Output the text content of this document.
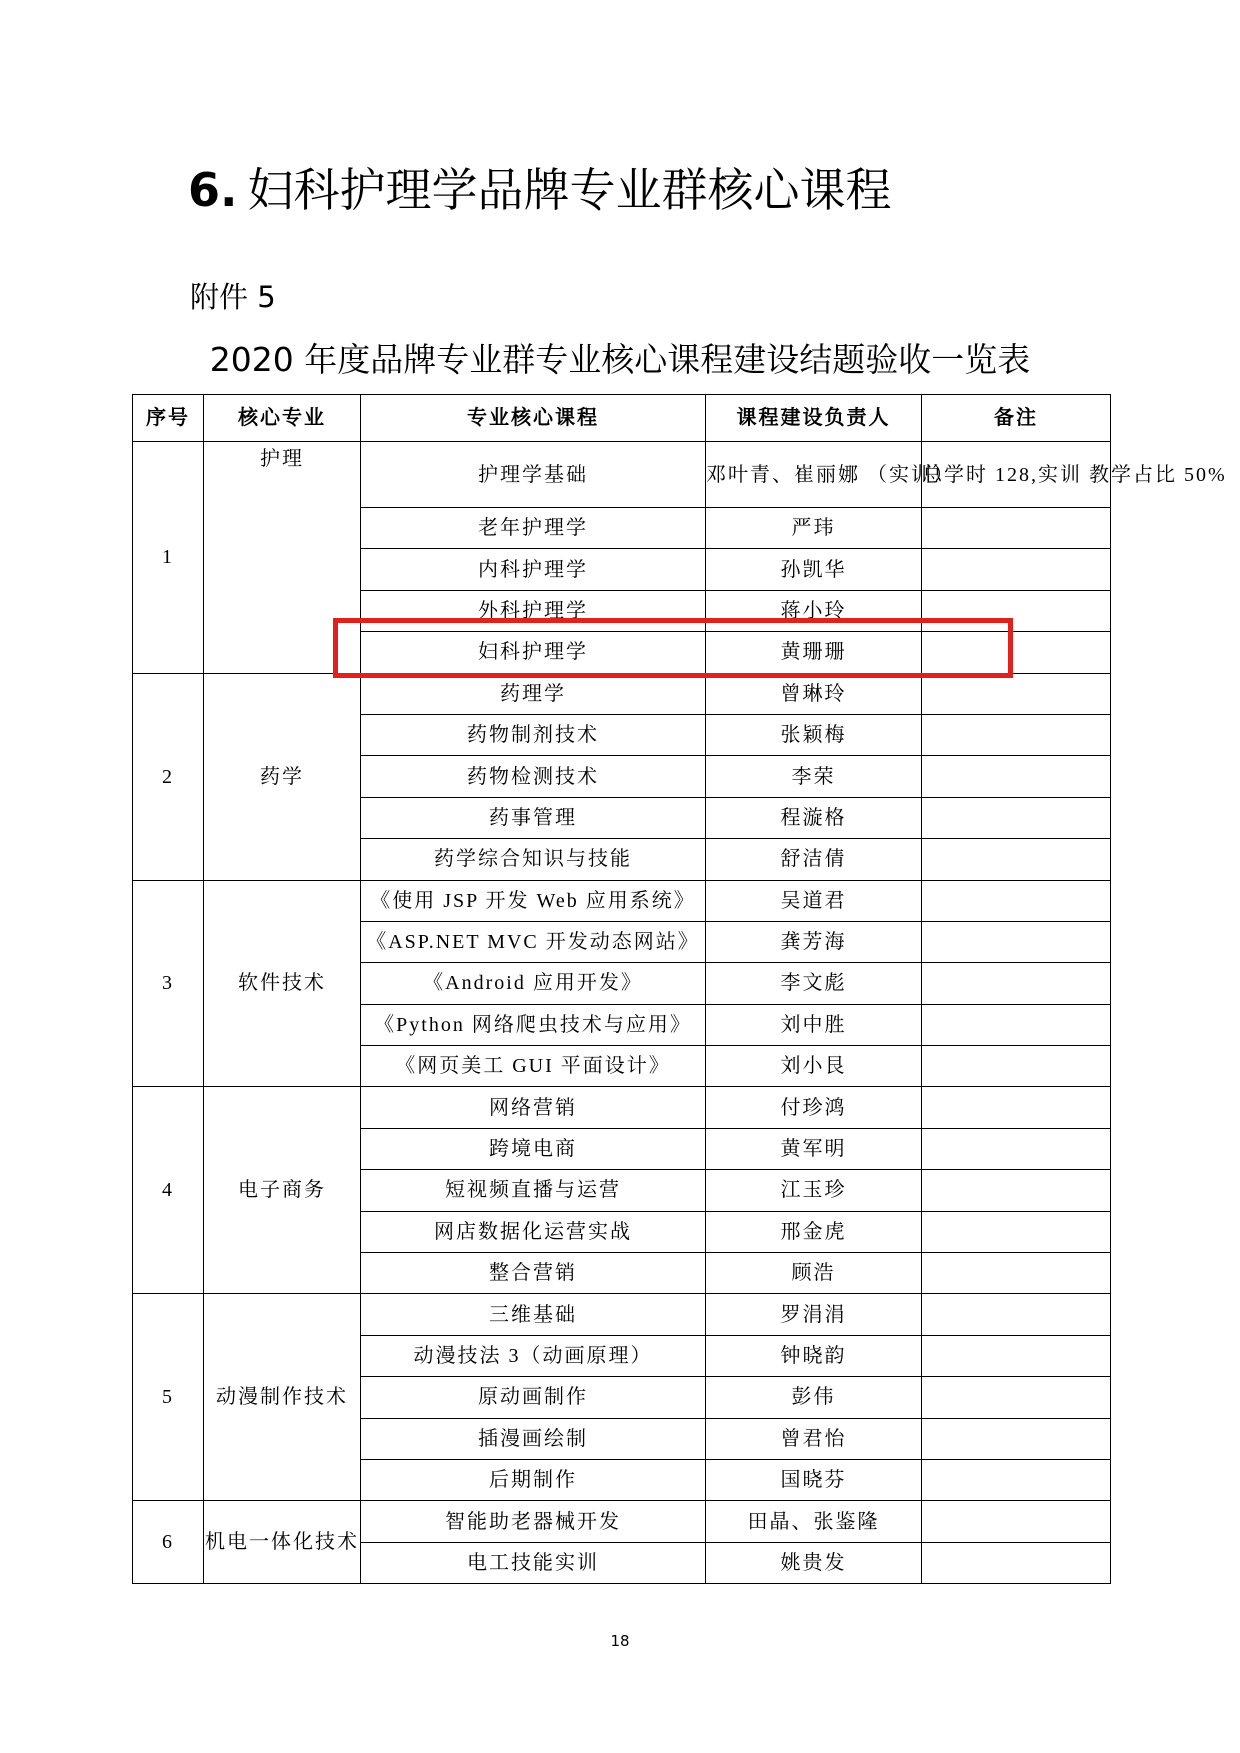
6. 妇科护理学品牌专业群核心课程
附件 5
2020 年度品牌专业群专业核心课程建设结题验收一览表
序号	核心专业	专业核心课程	课程建设负责人	备注
1	护理	护理学基础	邓叶青、崔丽娜 （实训）	总学时 128,实训 教学占比 50%
		老年护理学	严玮	
		内科护理学	孙凯华	
		外科护理学	蒋小玲	
		妇科护理学	黄珊珊	
2	药学	药理学	曾琳玲	
		药物制剂技术	张颖梅	
		药物检测技术	李荣	
		药事管理	程漩格	
		药学综合知识与技能	舒洁倩	
3	软件技术	《使用 JSP 开发 Web 应用系统》	吴道君	
		《ASP.NET MVC 开发动态网站》	龚芳海	
		《Android 应用开发》	李文彪	
		《Python 网络爬虫技术与应用》	刘中胜	
		《网页美工 GUI 平面设计》	刘小艮	
4	电子商务	网络营销	付珍鸿	
		跨境电商	黄军明	
		短视频直播与运营	江玉珍	
		网店数据化运营实战	邢金虎	
		整合营销	顾浩	
5	动漫制作技术	三维基础	罗涓涓	
		动漫技法 3（动画原理）	钟晓韵	
		原动画制作	彭伟	
		插漫画绘制	曾君怡	
		后期制作	国晓芬	
6	机电一体化技术	智能助老器械开发	田晶、张鉴隆	
		电工技能实训	姚贵发	
18
